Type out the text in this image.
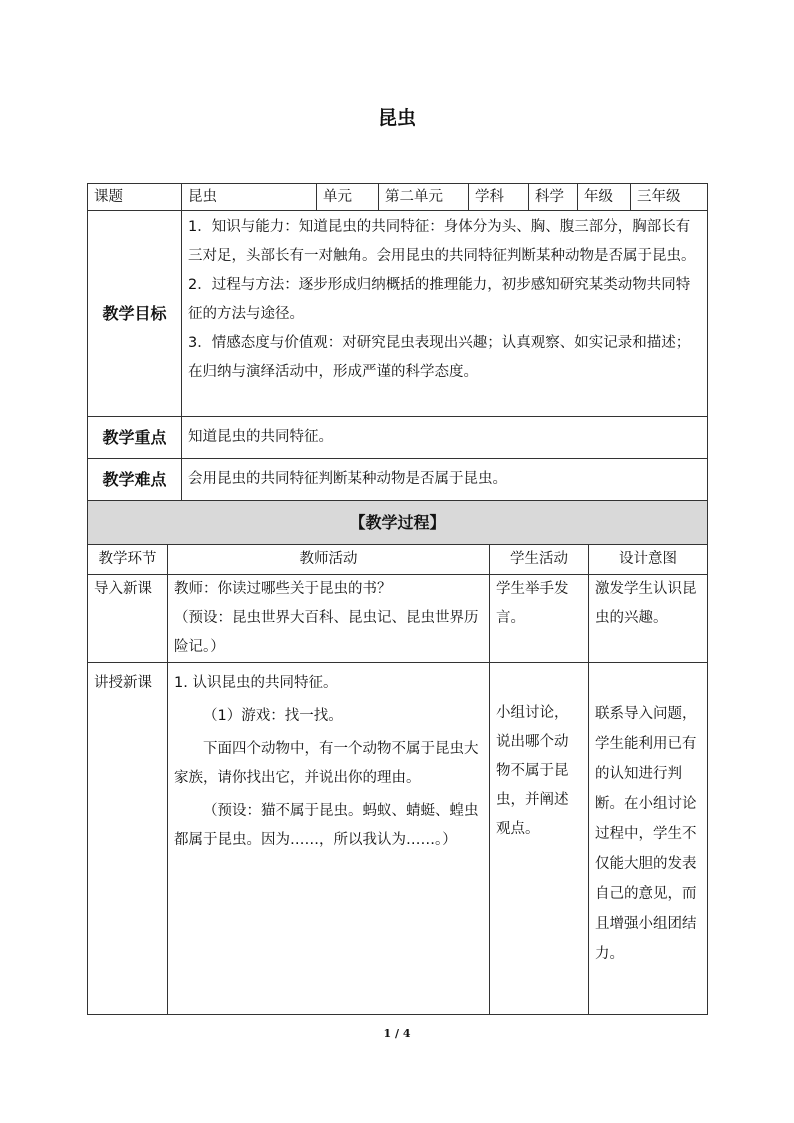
昆虫
课题	昆虫	单元	第二单元	学科	科学	年级	三年级
教学目标	1．知识与能力：知道昆虫的共同特征：身体分为头、胸、腹三部分，胸部长有三对足，头部长有一对触角。会用昆虫的共同特征判断某种动物是否属于昆虫。

2．过程与方法：逐步形成归纳概括的推理能力，初步感知研究某类动物共同特征的方法与途径。

3．情感态度与价值观：对研究昆虫表现出兴趣；认真观察、如实记录和描述；在归纳与演绎活动中，形成严谨的科学态度。						

教学重点	知道昆虫的共同特征。						
教学难点	会用昆虫的共同特征判断某种动物是否属于昆虫。						
【教学过程】			
教学环节	教师活动	学生活动	设计意图
导入新课	教师：你读过哪些关于昆虫的书？

（预设：昆虫世界大百科、昆虫记、昆虫世界历险记。）	学生举手发言。	激发学生认识昆虫的兴趣。
讲授新课	1. 认识昆虫的共同特征。

（1）游戏：找一找。

下面四个动物中，有一个动物不属于昆虫大家族，请你找出它，并说出你的理由。

（预设：猫不属于昆虫。蚂蚁、蜻蜓、蝗虫都属于昆虫。因为……，所以我认为……。）	小组讨论，说出哪个动物不属于昆虫，并阐述观点。	联系导入问题，学生能利用已有的认知进行判断。在小组讨论过程中，学生不仅能大胆的发表自己的意见，而且增强小组团结力。
1 / 4
